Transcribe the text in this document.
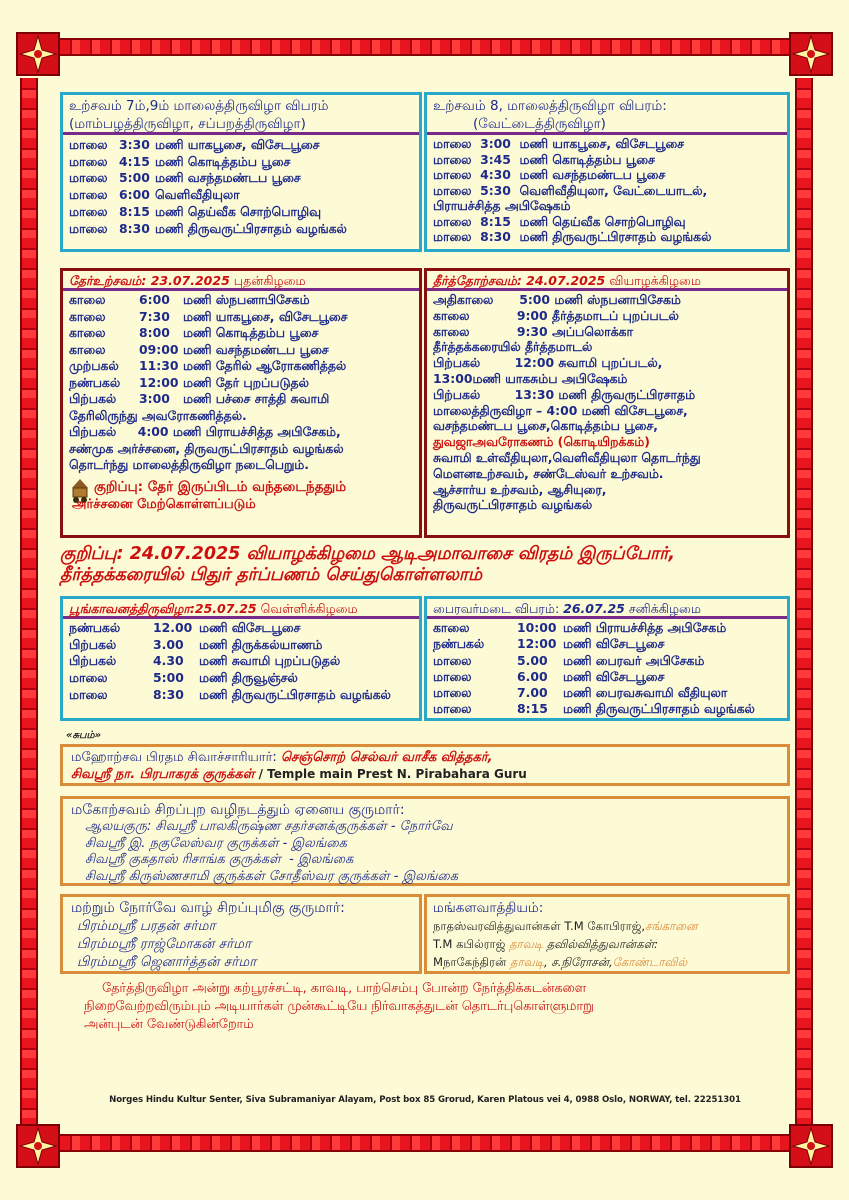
உற்சவம் 7ம்,9ம் மாலைத்திருவிழா விபரம்
(மாம்பழத்திருவிழா, சப்பறத்திருவிழா)
மாலை 3:30 மணி யாகபூசை, விசேடபூசை
மாலை 4:15 மணி கொடித்தம்ப பூசை
மாலை 5:00 மணி வசந்தமண்டப பூசை
மாலை 6:00 வெளிவீதியுலா
மாலை 8:15 மணி தெய்வீக சொற்பொழிவு
மாலை 8:30 மணி திருவருட்பிரசாதம் வழங்கல்
உற்சவம் 8, மாலைத்திருவிழா விபரம்:
(வேட்டைத்திருவிழா)
மாலை  3:00  மணி யாகபூசை, விசேடபூசை
மாலை  3:45  மணி கொடித்தம்ப பூசை
மாலை  4:30  மணி வசந்தமண்டப பூசை
மாலை  5:30  வெளிவீதியுலா, வேட்டையாடல்,
பிராயச்சித்த அபிஷேகம்
மாலை  8:15  மணி தெய்வீக சொற்பொழிவு
மாலை  8:30  மணி திருவருட்பிரசாதம் வழங்கல்
தேர்உற்சவம்: 23.07.2025 புதன்கிழமை
காலை	6:00	மணி ஸ்நபனாபிசேகம்
காலை	7:30	மணி யாகபூசை, விசேடபூசை
காலை	8:00	மணி கொடித்தம்ப பூசை
காலை	09:00 மணி வசந்தமண்டப பூசை
முற்பகல்	11:30 மணி தேரில் ஆரோகணித்தல்
நண்பகல்	12:00 மணி தேர் புறப்படுதல்
பிற்பகல்	3:00	மணி பச்சை சாத்தி சுவாமி
தேரிலிருந்து அவரோகணித்தல்.
பிற்பகல்     4:00 மணி பிராயச்சித்த அபிசேகம்,
சண்முக அர்ச்சனை, திருவருட்பிரசாதம் வழங்கல்
தொடர்ந்து மாலைத்திருவிழா நடைபெறும்.
குறிப்பு: தேர் இருப்பிடம் வந்தடைந்ததும்
அர்ச்சனை மேற்கொள்ளப்படும்
தீர்த்தோற்சவம்: 24.07.2025 வியாழக்கிழமை
அதிகாலை      5:00 மணி ஸ்நபனாபிசேகம்
காலை           9:00 தீர்த்தமாடப் புறப்படல்
காலை           9:30 அப்பலொக்கா
தீர்த்தக்கரையில் தீர்த்தமாடல்
பிற்பகல்        12:00 சுவாமி புறப்படல்,
13:00மணி யாகசும்ப அபிஷேகம்
பிற்பகல்        13:30 மணி திருவருட்பிரசாதம்
மாலைத்திருவிழா – 4:00 மணி விசேடபூசை,
வசந்தமண்டப பூசை,கொடித்தம்ப பூசை,
துவஜாஅவரோகணம் (கொடியிறக்கம்)
சுவாமி உள்வீதியுலா,வெளிவீதியுலா தொடர்ந்து
மௌனஉற்சவம், சண்டேஸ்வர் உற்சவம்.
ஆச்சார்ய உற்சவம், ஆசியுரை,
திருவருட்பிரசாதம் வழங்கல்
குறிப்பு: 24.07.2025 வியாழக்கிழமை ஆடிஅமாவாசை விரதம் இருப்போர்,
தீர்த்தக்கரையில் பிதுர் தர்ப்பணம் செய்துகொள்ளலாம்
பூங்காவனத்திருவிழா:25.07.25 வெள்ளிக்கிழமை
நண்பகல்	12.00 மணி விசேடபூசை
பிற்பகல்	3.00	மணி திருக்கல்யாணம்
பிற்பகல்	4.30	மணி சுவாமி புறப்படுதல்
மாலை	5:00	மணி திருவூஞ்சல்
மாலை	8:30	மணி திருவருட்பிரசாதம் வழங்கல்
பைரவர்மடை விபரம்: 26.07.25 சனிக்கிழமை
காலை	10:00 மணி பிராயச்சித்த அபிசேகம்
நண்பகல்	12:00 மணி விசேடபூசை
மாலை	5.00	மணி பைரவர் அபிசேகம்
மாலை	6.00	மணி விசேடபூசை
மாலை	7.00	மணி பைரவசுவாமி வீதியுலா
மாலை	8:15	மணி திருவருட்பிரசாதம் வழங்கல்
«சுபம்»
மஹோற்சவ பிரதம சிவாச்சாரியார்: செஞ்சொற் செல்வர் வாசீக வித்தகர்,
சிவஸ்ரீ நா. பிரபாகரக் குருக்கள் / Temple main Prest N. Pirabahara Guru
மகோற்சவம் சிறப்புற வழிநடத்தும் ஏனைய குருமார்:
ஆலயகுரு: சிவஸ்ரீ பாலகிருஷ்ண சதர்சனக்குருக்கள் - நோர்வே
சிவஸ்ரீ இ. நகுலேஸ்வர குருக்கள் - இலங்கை
சிவஸ்ரீ குகதாஸ் ரிசாங்க குருக்கள்  - இலங்கை
சிவஸ்ரீ கிருஸ்ணசாமி குருக்கள் சோதீஸ்வர குருக்கள் - இலங்கை
மற்றும் நோர்வே வாழ் சிறப்புமிகு குருமார்:
பிரம்மஸ்ரீ பரதன் சர்மா
பிரம்மஸ்ரீ ராஜ்மோகன் சர்மா
பிரம்மஸ்ரீ ஜெனார்த்தன் சர்மா
மங்களவாத்தியம்:
நாதஸ்வரவித்துவான்கள் T.M கோபிராஜ்,சங்கானை
T.M கபில்ராஜ் தாவடி தவில்வித்துவான்கள்:
Mநாகேந்திரன் தாவடி, ச.நிரோசன்,கோண்டாவில்
தேர்த்திருவிழா அன்று கற்பூரச்சட்டி, காவடி, பாற்செம்பு போன்ற நேர்த்திக்கடன்களை
நிறைவேற்றவிரும்பும் அடியார்கள் முன்கூட்டியே நிர்வாகத்துடன் தொடர்புகொள்ளுமாறு
அன்புடன் வேண்டுகின்றோம்
Norges Hindu Kultur Senter, Siva Subramaniyar Alayam, Post box 85 Grorud, Karen Platous vei 4, 0988 Oslo, NORWAY, tel. 22251301
